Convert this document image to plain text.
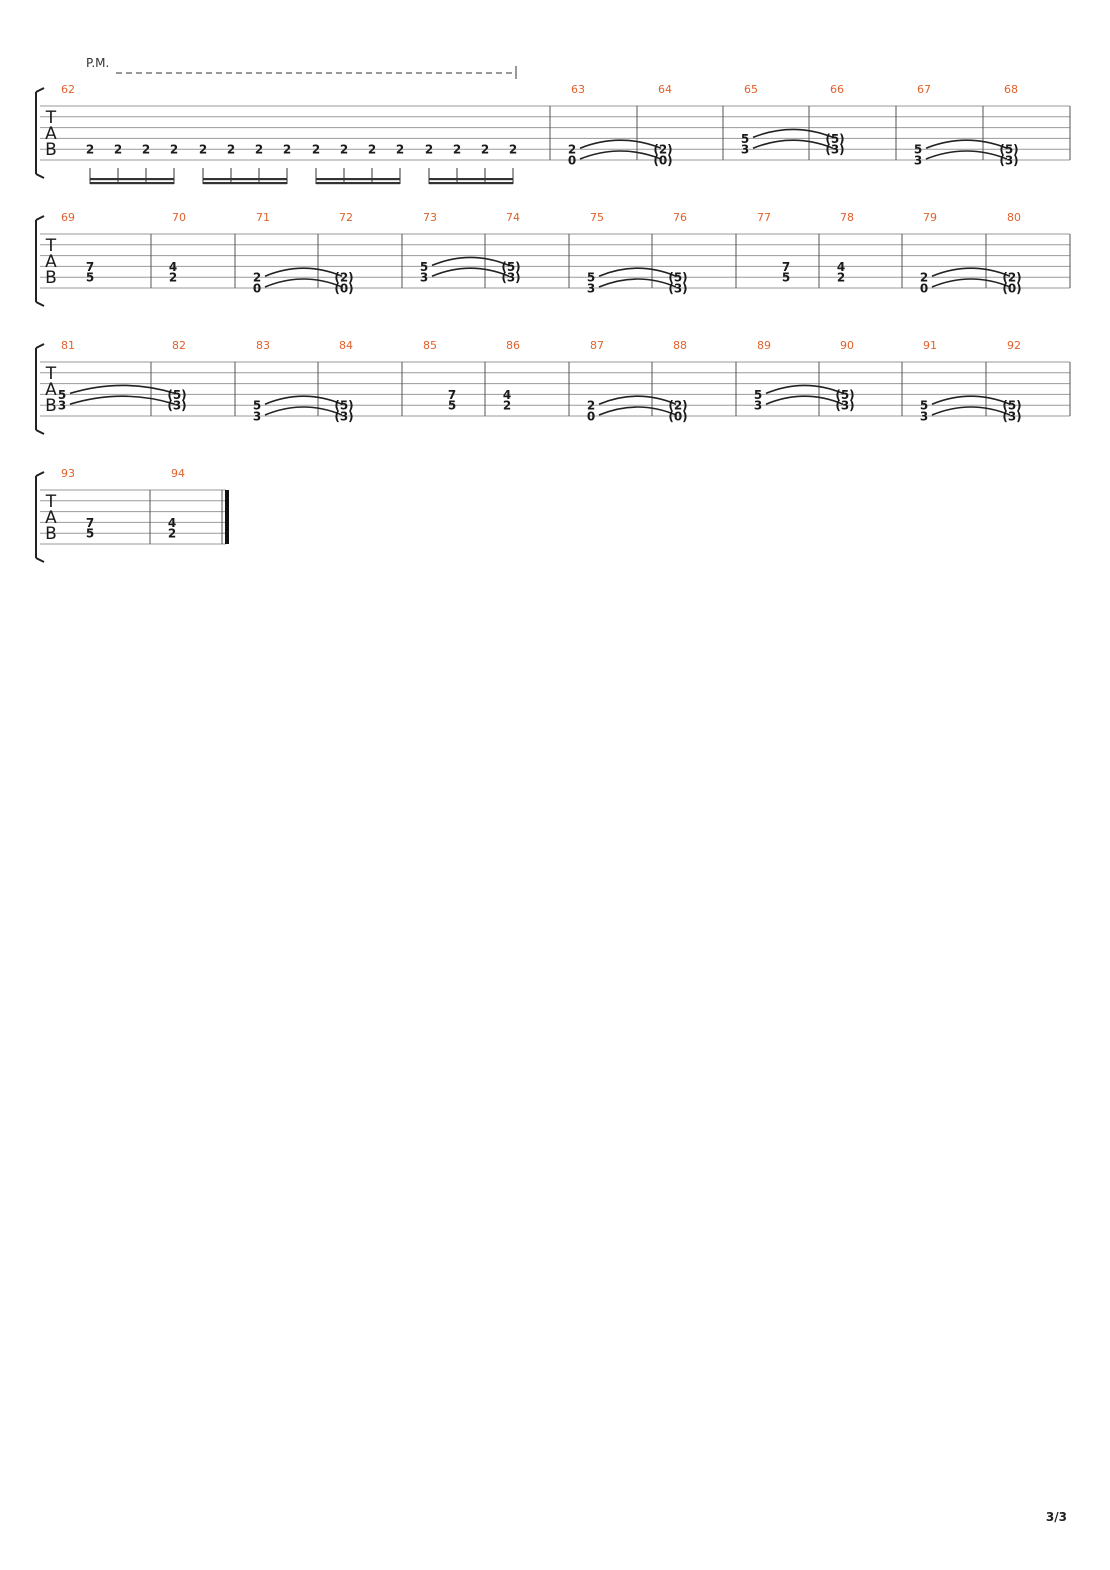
T
A
B
62
2 2 2 2 2 2 2 2 2 2 2 2 2 2 2 2
P.M.
63
2
0
64
(2)
(0)
65
5
3
66
(5)
(3)
67
5
3
68
(5)
(3)
T
A
B
69
7
5
70
4
2
71
2
0
72
(2)
(0)
73
5
3
74
(5)
(3)
75
5
3
76
(5)
(3)
77
7
5
78
4
2
79
2
0
80
(2)
(0)
T
A
B
81
5
3
82
(5)
(3)
83
5
3
84
(5)
(3)
85
7
5
86
4
2
87
2
0
88
(2)
(0)
89
5
3
90
(5)
(3)
91
5
3
92
(5)
(3)
T
A
B
93
7
5
94
4
2
3/3
